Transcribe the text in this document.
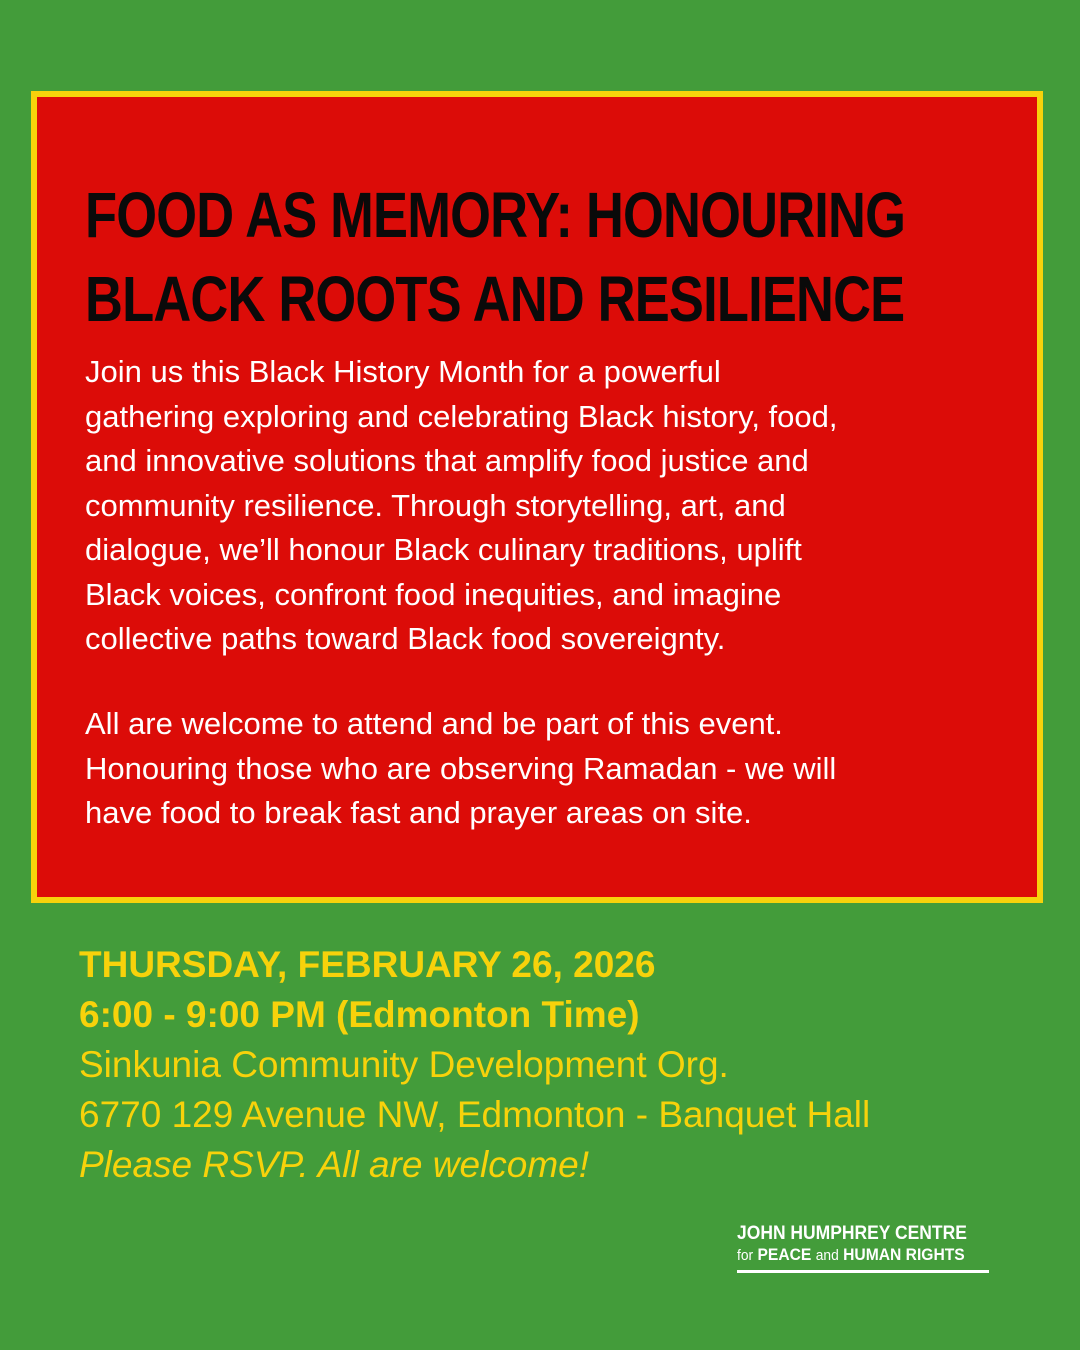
FOOD AS MEMORY: HONOURING
BLACK ROOTS AND RESILIENCE

Join us this Black History Month for a powerful
gathering exploring and celebrating Black history, food,
and innovative solutions that amplify food justice and
community resilience. Through storytelling, art, and
dialogue, we’ll honour Black culinary traditions, uplift
Black voices, confront food inequities, and imagine
collective paths toward Black food sovereignty.

All are welcome to attend and be part of this event.
Honouring those who are observing Ramadan - we will
have food to break fast and prayer areas on site.

THURSDAY, FEBRUARY 26, 2026
6:00 - 9:00 PM (Edmonton Time)
Sinkunia Community Development Org.
6770 129 Avenue NW, Edmonton - Banquet Hall
Please RSVP. All are welcome!
JOHN HUMPHREY CENTRE
for PEACE and HUMAN RIGHTS
